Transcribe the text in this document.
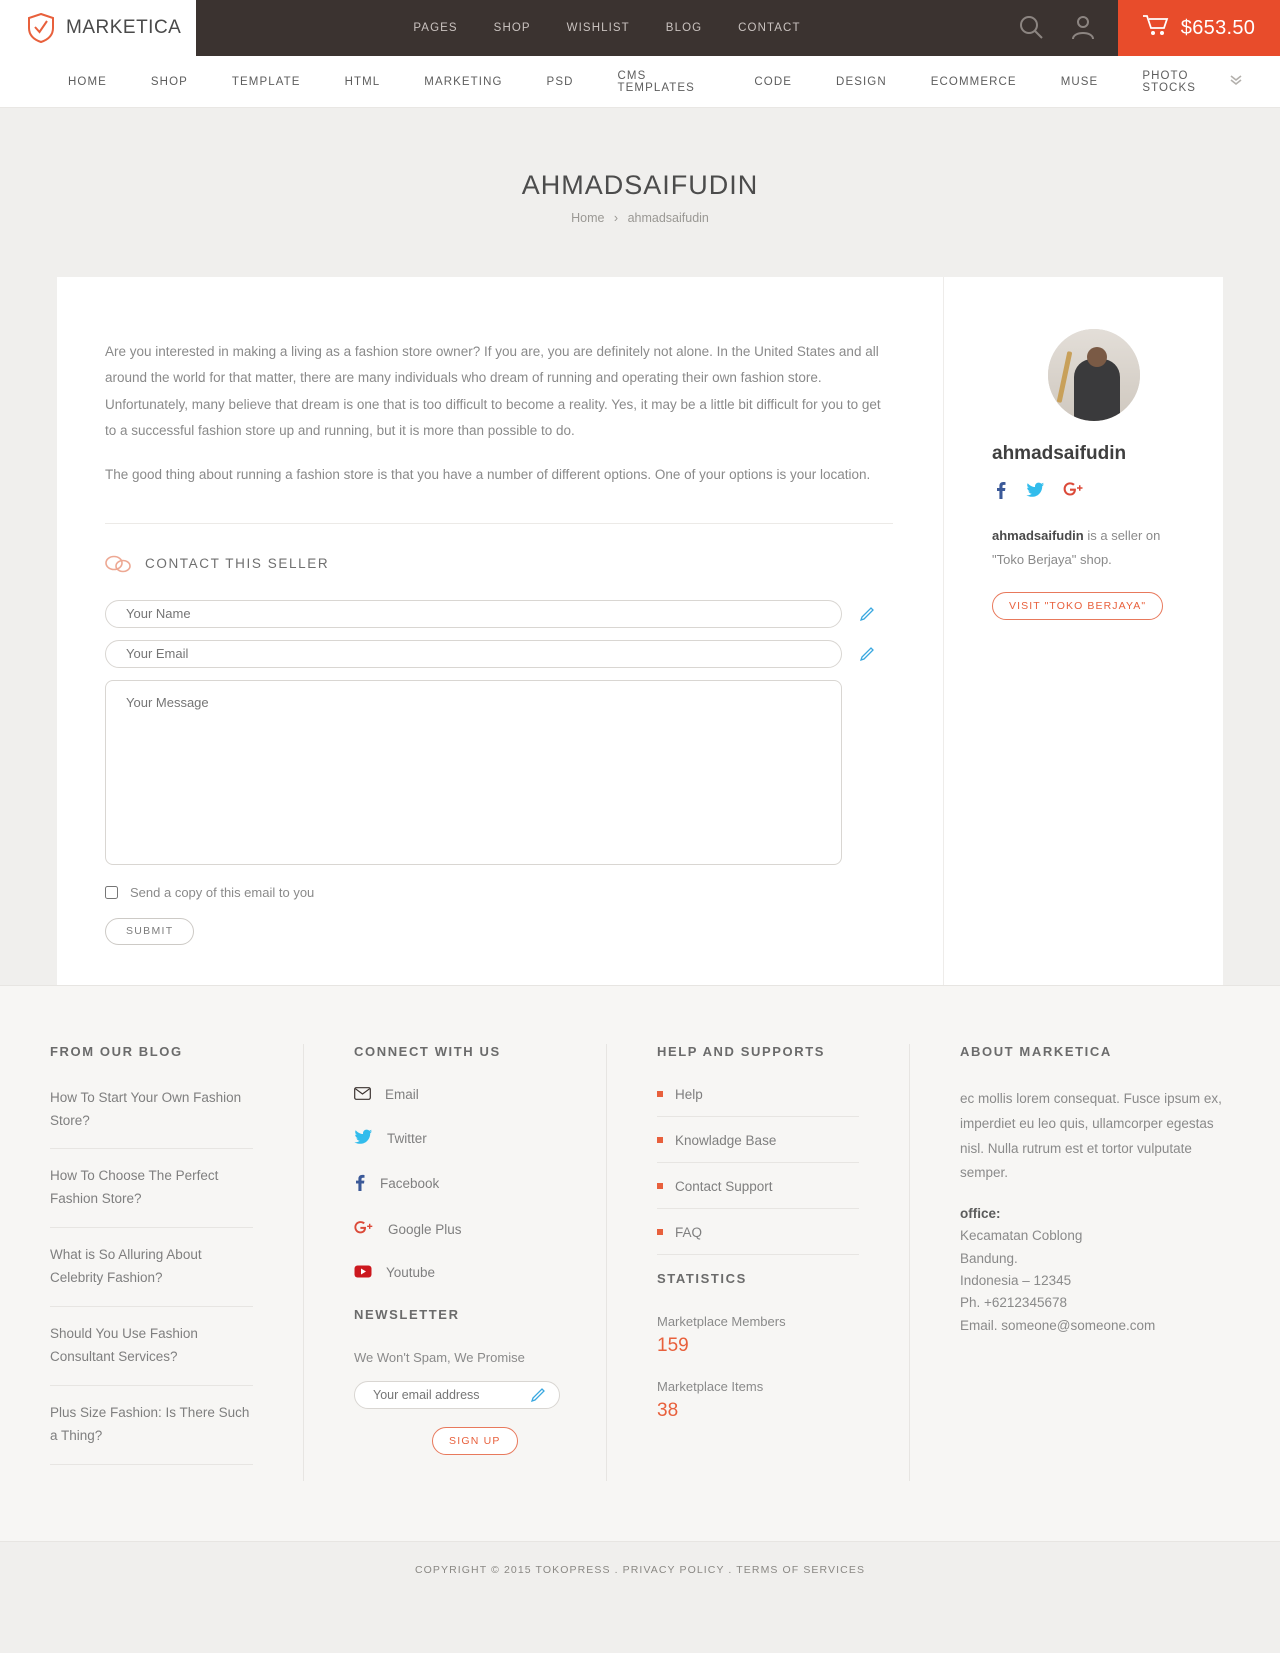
MARKETICA	PAGES	SHOP	WISHLIST	BLOG	CONTACT	$653.50
HOME	SHOP	TEMPLATE	HTML	MARKETING	PSD	CMS TEMPLATES	CODE	DESIGN	ECOMMERCE	MUSE	PHOTO STOCKS
AHMADSAIFUDIN
Home › ahmadsaifudin

Are you interested in making a living as a fashion store owner? If you are, you are definitely not alone. In the United States and all around the world for that matter, there are many individuals who dream of running and operating their own fashion store. Unfortunately, many believe that dream is one that is too difficult to become a reality. Yes, it may be a little bit difficult for you to get to a successful fashion store up and running, but it is more than possible to do.

The good thing about running a fashion store is that you have a number of different options. One of your options is your location.

CONTACT THIS SELLER
Your Name
Your Email
Your Message
Send a copy of this email to you
SUBMIT
ahmadsaifudin

ahmadsaifudin is a seller on "Toko Berjaya" shop.

VISIT "TOKO BERJAYA"
FROM OUR BLOG
How To Start Your Own Fashion Store?
How To Choose The Perfect Fashion Store?
What is So Alluring About Celebrity Fashion?
Should You Use Fashion Consultant Services?
Plus Size Fashion: Is There Such a Thing?
CONNECT WITH US
Email
Twitter
Facebook
Google Plus
Youtube
NEWSLETTER

We Won't Spam, We Promise

Your email address
SIGN UP
HELP AND SUPPORTS
Help
Knowladge Base
Contact Support
FAQ
STATISTICS
Marketplace Members
159
Marketplace Items
38
ABOUT MARKETICA

ec mollis lorem consequat. Fusce ipsum ex, imperdiet eu leo quis, ullamcorper egestas nisl. Nulla rutrum est et tortor vulputate semper.

office:
Kecamatan Coblong
Bandung.
Indonesia – 12345
Ph. +6212345678
Email. someone@someone.com
COPYRIGHT © 2015 TOKOPRESS . PRIVACY POLICY . TERMS OF SERVICES
